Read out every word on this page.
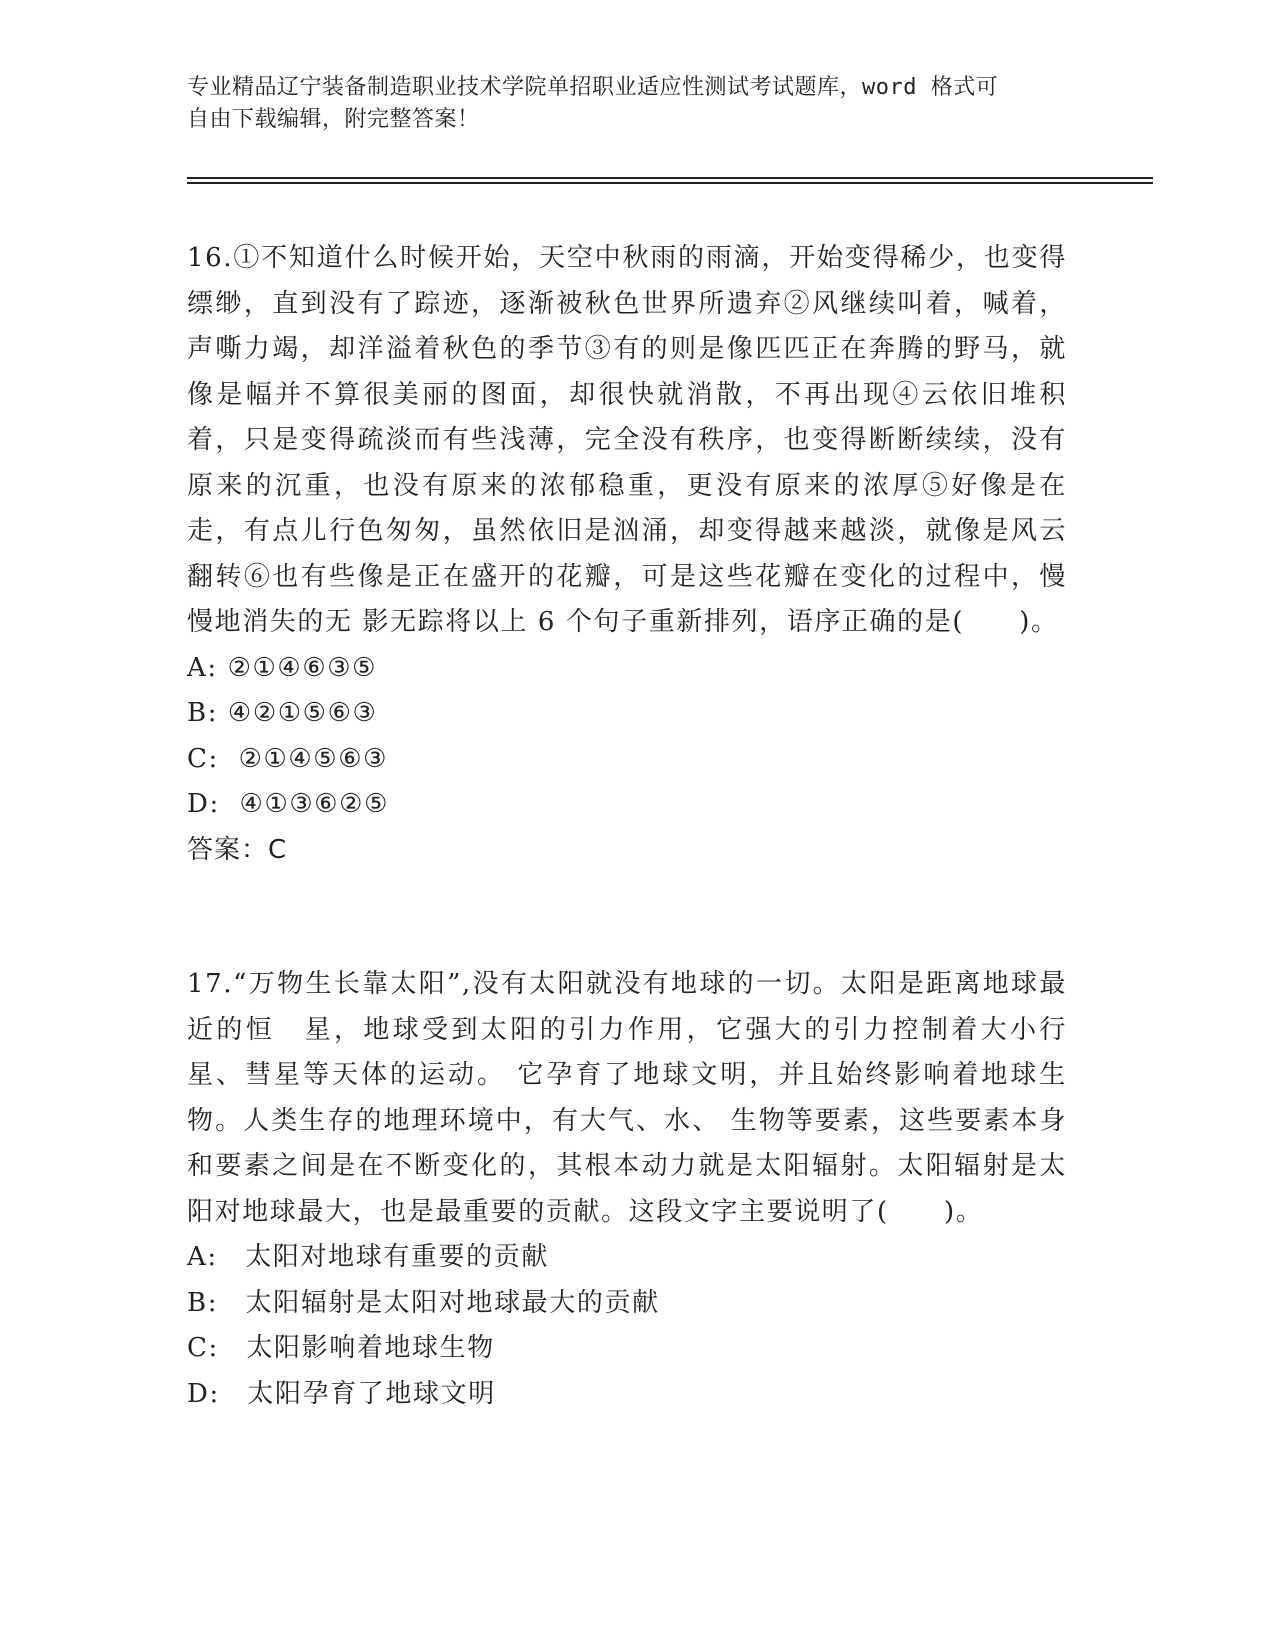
专业精品辽宁装备制造职业技术学院单招职业适应性测试考试题库，word 格式可
自由下载编辑，附完整答案！

16.①不知道什么时候开始，天空中秋雨的雨滴，开始变得稀少，也变得缥缈，直到没有了踪迹，逐渐被秋色世界所遗弃②风继续叫着，喊着，声嘶力竭，却洋溢着秋色的季节③有的则是像匹匹正在奔腾的野马，就像是幅并不算很美丽的图面，却很快就消散，不再出现④云依旧堆积着，只是变得疏淡而有些浅薄，完全没有秩序，也变得断断续续，没有原来的沉重，也没有原来的浓郁稳重，更没有原来的浓厚⑤好像是在走，有点儿行色匆匆，虽然依旧是汹涌，却变得越来越淡，就像是风云翻转⑥也有些像是正在盛开的花瓣，可是这些花瓣在变化的过程中，慢慢地消失的无 影无踪将以上 6 个句子重新排列，语序正确的是(　　)。

A: ②①④⑥③⑤

B: ④②①⑤⑥③

C:  ②①④⑤⑥③

D:  ④①③⑥②⑤

答案：C

17.“万物生长靠太阳”,没有太阳就没有地球的一切。太阳是距离地球最近的恒　星，地球受到太阳的引力作用，它强大的引力控制着大小行星、彗星等天体的运动。 它孕育了地球文明，并且始终影响着地球生物。人类生存的地理环境中，有大气、水、 生物等要素，这些要素本身和要素之间是在不断变化的，其根本动力就是太阳辐射。太阳辐射是太阳对地球最大，也是最重要的贡献。这段文字主要说明了(　　)。

A:　太阳对地球有重要的贡献

B:　太阳辐射是太阳对地球最大的贡献

C:　太阳影响着地球生物

D:　太阳孕育了地球文明
